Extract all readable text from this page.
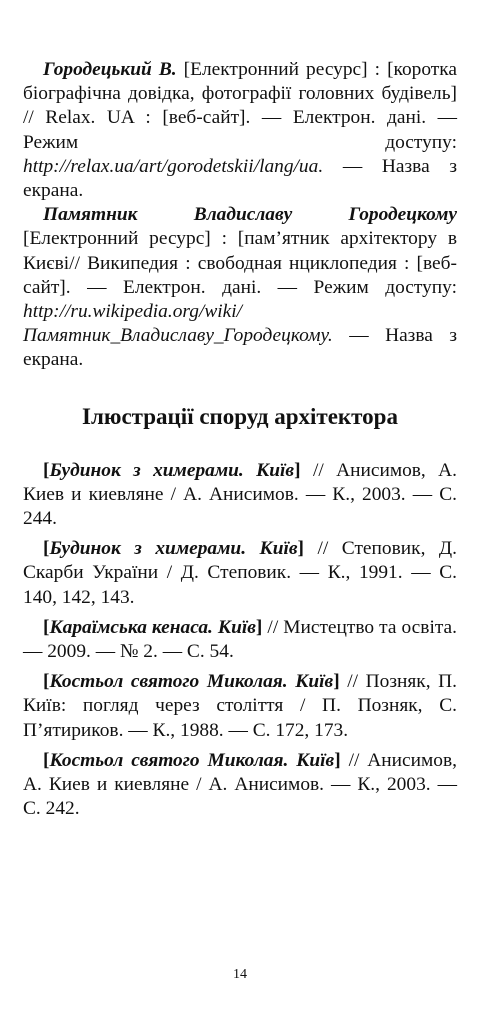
Городецький В. [Електронний ресурс] : [коротка біографічна довідка, фотографії головних будівель] // Relax. UA : [веб-сайт]. — Електрон. дані. — Режим доступу: http://relax.ua/art/gorodetskii/lang/ua. — Назва з екрана.

Памятник Владиславу Городецкому [Електронний ресурс] : [пам’ятник архітектору в Києві// Википедия : свободная нциклопедия : [веб-сайт]. — Електрон. дані. — Режим доступу: http://ru.wikipedia.org/wiki/Памятник_Владиславу_Городецкому. — Назва з екрана.

Ілюстрації споруд архітектора

[Будинок з химерами. Київ] // Анисимов, А. Киев и киевляне / А. Анисимов. — К., 2003. — С. 244.

[Будинок з химерами. Київ] // Степовик, Д. Скарби України / Д. Степовик. — К., 1991. — С. 140, 142, 143.

[Караїмська кенаса. Київ] // Мистецтво та освіта. — 2009. — № 2. — С. 54.

[Костьол святого Миколая. Київ] // Позняк, П. Київ: погляд через століття / П. Позняк, С. П’ятириков. — К., 1988. — С. 172, 173.

[Костьол святого Миколая. Київ] // Анисимов, А. Киев и киевляне / А. Анисимов. — К., 2003. — С. 242.

14
